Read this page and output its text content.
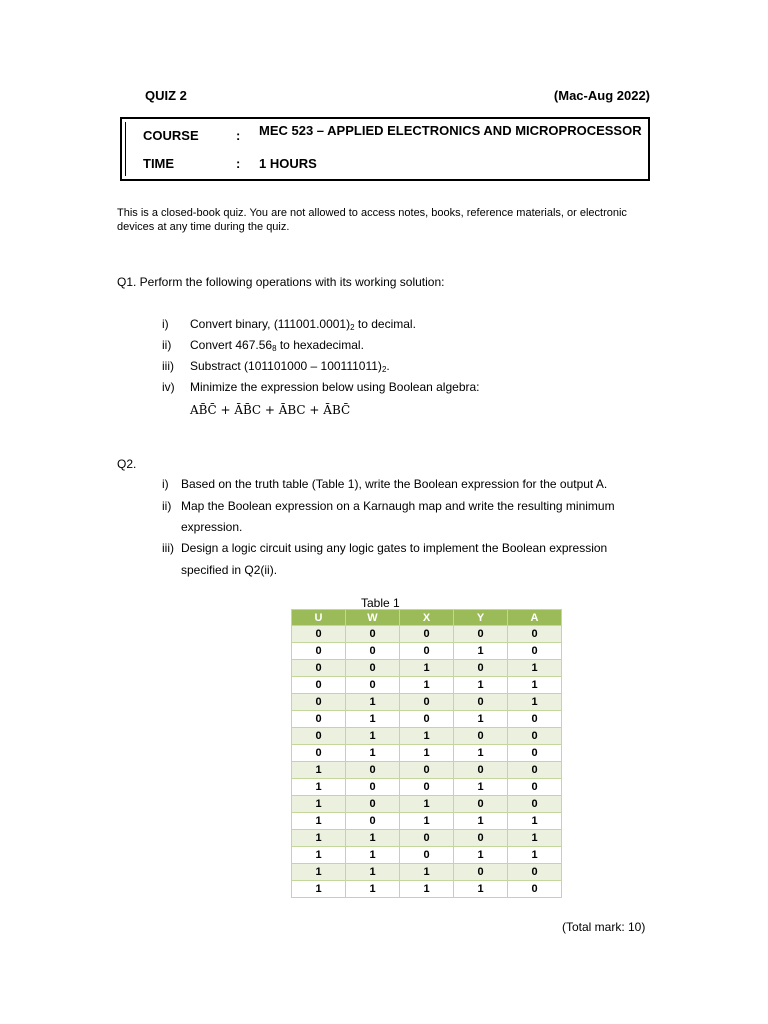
QUIZ 2	(Mac-Aug 2022)
COURSE	: MEC 523 – APPLIED ELECTRONICS AND MICROPROCESSOR
TIME	: 1 HOURS
This is a closed-book quiz. You are not allowed to access notes, books, reference materials, or electronic devices at any time during the quiz.
Q1. Perform the following operations with its working solution:
i) Convert binary, $(111001.0001)_2$ to decimal.
ii) Convert $467.56_8$ to hexadecimal.
iii) Substract $(101101000 - 100111011)_2$.
iv) Minimize the expression below using Boolean algebra:
AB̄C̄ + ĀB̄C + ĀBC + ĀBC̄
Q2.
i) Based on the truth table (Table 1), write the Boolean expression for the output A.
ii) Map the Boolean expression on a Karnaugh map and write the resulting minimum
expression.
iii) Design a logic circuit using any logic gates to implement the Boolean expression
specified in Q2(ii).
Table 1
U	W	X	Y	A
0	0	0	0	0
0	0	0	1	0
0	0	1	0	1
0	0	1	1	1
0	1	0	0	1
0	1	0	1	0
0	1	1	0	0
0	1	1	1	0
1	0	0	0	0
1	0	0	1	0
1	0	1	0	0
1	0	1	1	1
1	1	0	0	1
1	1	0	1	1
1	1	1	0	0
1	1	1	1	0
(Total mark: 10)
